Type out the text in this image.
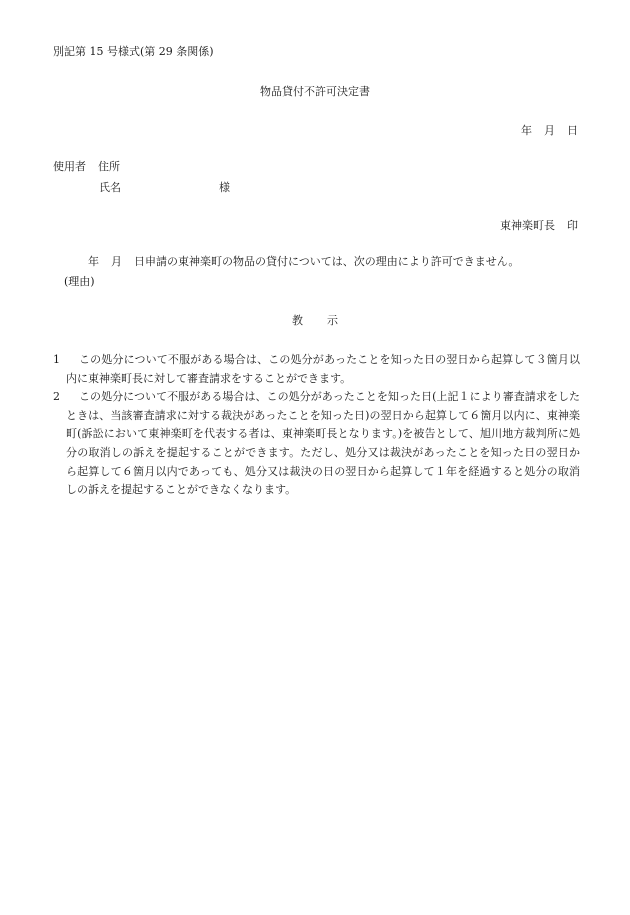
別記第 15 号様式(第 29 条関係)
物品貸付不許可決定書
年 月 日
使用者 住所
氏名	様
東神楽町長 印
年 月 日申請の東神楽町の物品の貸付については、次の理由により許可できません。
(理由)
教 示

1	この処分について不服がある場合は、この処分があったことを知った日の翌日から起算して３箇月以内に東神楽町長に対して審査請求をすることができます。

2	この処分について不服がある場合は、この処分があったことを知った日(上記１により審査請求をしたときは、当該審査請求に対する裁決があったことを知った日)の翌日から起算して６箇月以内に、東神楽町(訴訟において東神楽町を代表する者は、東神楽町長となります。)を被告として、旭川地方裁判所に処分の取消しの訴えを提起することができます。ただし、処分又は裁決があったことを知った日の翌日から起算して６箇月以内であっても、処分又は裁決の日の翌日から起算して１年を経過すると処分の取消しの訴えを提起することができなくなります。
